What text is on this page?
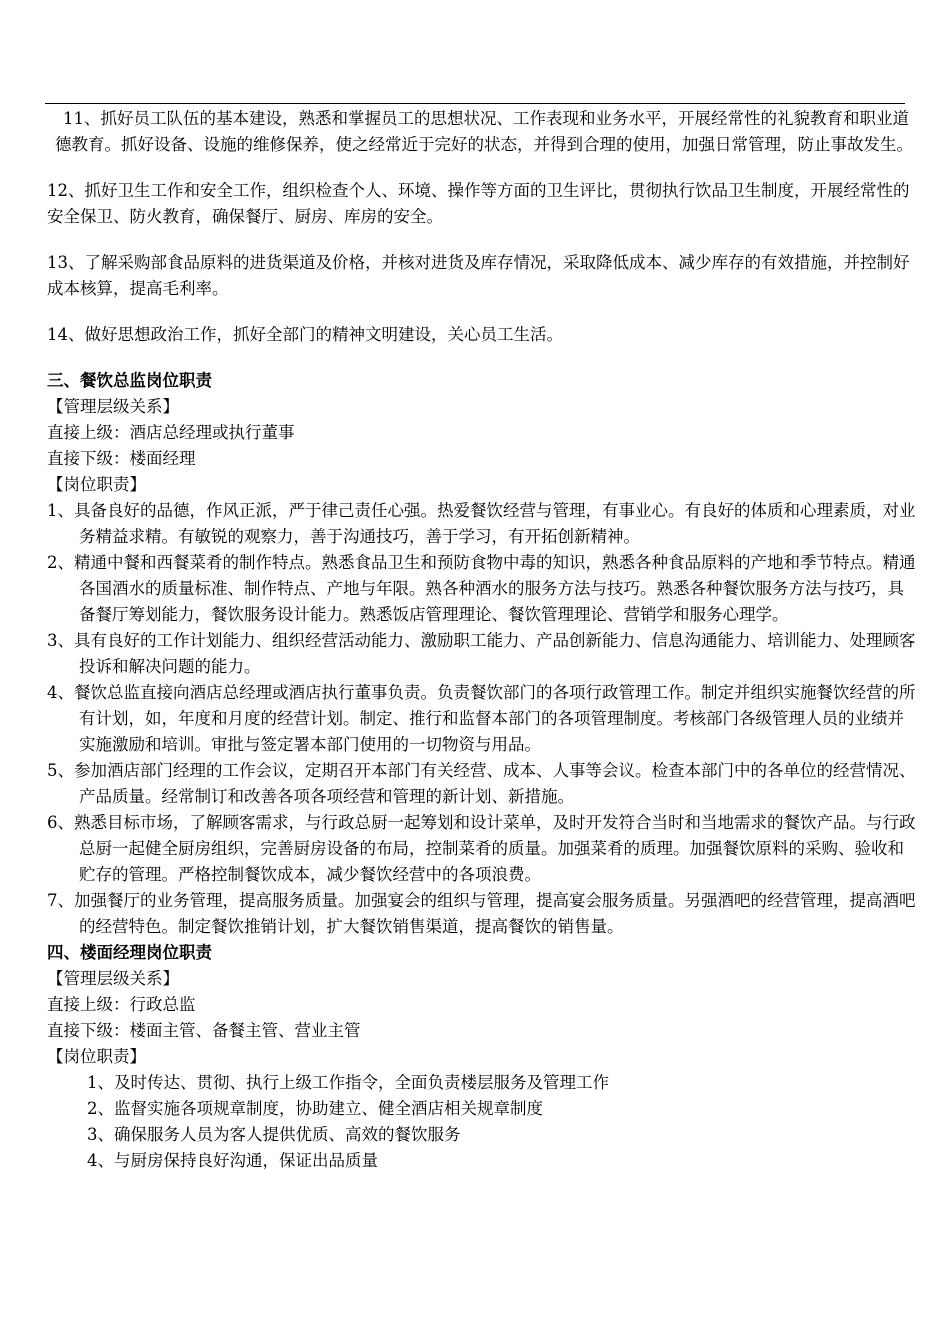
11、抓好员工队伍的基本建设，熟悉和掌握员工的思想状况、工作表现和业务水平，开展经常性的礼貌教育和职业道德教育。抓好设备、设施的维修保养，使之经常近于完好的状态，并得到合理的使用，加强日常管理，防止事故发生。

12、抓好卫生工作和安全工作，组织检查个人、环境、操作等方面的卫生评比，贯彻执行饮品卫生制度，开展经常性的安全保卫、防火教育，确保餐厅、厨房、库房的安全。

13、了解采购部食品原料的进货渠道及价格，并核对进货及库存情况，采取降低成本、减少库存的有效措施，并控制好成本核算，提高毛利率。

14、做好思想政治工作，抓好全部门的精神文明建设，关心员工生活。

三、餐饮总监岗位职责

【管理层级关系】

直接上级：酒店总经理或执行董事

直接下级：楼面经理

【岗位职责】

1、具备良好的品德，作风正派，严于律己责任心强。热爱餐饮经营与管理，有事业心。有良好的体质和心理素质，对业务精益求精。有敏锐的观察力，善于沟通技巧，善于学习，有开拓创新精神。

2、精通中餐和西餐菜肴的制作特点。熟悉食品卫生和预防食物中毒的知识，熟悉各种食品原料的产地和季节特点。精通各国酒水的质量标准、制作特点、产地与年限。熟各种酒水的服务方法与技巧。熟悉各种餐饮服务方法与技巧，具备餐厅筹划能力，餐饮服务设计能力。熟悉饭店管理理论、餐饮管理理论、营销学和服务心理学。

3、具有良好的工作计划能力、组织经营活动能力、激励职工能力、产品创新能力、信息沟通能力、培训能力、处理顾客投诉和解决问题的能力。

4、餐饮总监直接向酒店总经理或酒店执行董事负责。负责餐饮部门的各项行政管理工作。制定并组织实施餐饮经营的所有计划，如，年度和月度的经营计划。制定、推行和监督本部门的各项管理制度。考核部门各级管理人员的业绩并实施激励和培训。审批与签定署本部门使用的一切物资与用品。

5、参加酒店部门经理的工作会议，定期召开本部门有关经营、成本、人事等会议。检查本部门中的各单位的经营情况、产品质量。经常制订和改善各项各项经营和管理的新计划、新措施。

6、熟悉目标市场，了解顾客需求，与行政总厨一起筹划和设计菜单，及时开发符合当时和当地需求的餐饮产品。与行政总厨一起健全厨房组织，完善厨房设备的布局，控制菜肴的质量。加强菜肴的质理。加强餐饮原料的采购、验收和贮存的管理。严格控制餐饮成本，减少餐饮经营中的各项浪费。

7、加强餐厅的业务管理，提高服务质量。加强宴会的组织与管理，提高宴会服务质量。另强酒吧的经营管理，提高酒吧的经营特色。制定餐饮推销计划，扩大餐饮销售渠道，提高餐饮的销售量。

四、楼面经理岗位职责

【管理层级关系】

直接上级：行政总监

直接下级：楼面主管、备餐主管、营业主管

【岗位职责】

1、及时传达、贯彻、执行上级工作指令，全面负责楼层服务及管理工作

2、监督实施各项规章制度，协助建立、健全酒店相关规章制度

3、确保服务人员为客人提供优质、高效的餐饮服务

4、与厨房保持良好沟通，保证出品质量
